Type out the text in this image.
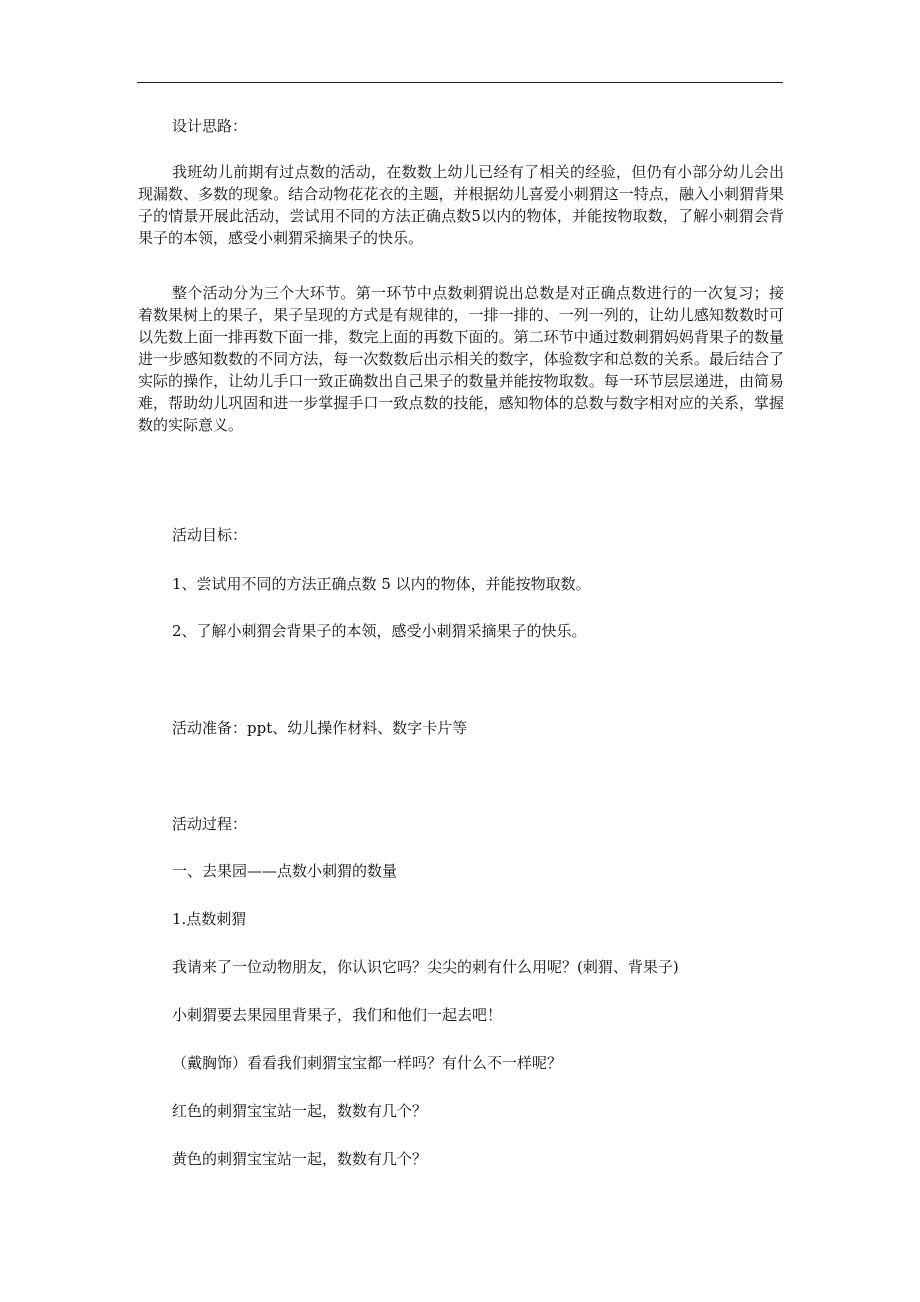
设计思路：

我班幼儿前期有过点数的活动，在数数上幼儿已经有了相关的经验，但仍有小部分幼儿会出现漏数、多数的现象。结合动物花花衣的主题，并根据幼儿喜爱小刺猬这一特点，融入小刺猬背果子的情景开展此活动，尝试用不同的方法正确点数5以内的物体，并能按物取数，了解小刺猬会背果子的本领，感受小刺猬采摘果子的快乐。

整个活动分为三个大环节。第一环节中点数刺猬说出总数是对正确点数进行的一次复习；接着数果树上的果子，果子呈现的方式是有规律的，一排一排的、一列一列的，让幼儿感知数数时可以先数上面一排再数下面一排，数完上面的再数下面的。第二环节中通过数刺猬妈妈背果子的数量进一步感知数数的不同方法，每一次数数后出示相关的数字，体验数字和总数的关系。最后结合了实际的操作，让幼儿手口一致正确数出自己果子的数量并能按物取数。每一环节层层递进，由简易难，帮助幼儿巩固和进一步掌握手口一致点数的技能，感知物体的总数与数字相对应的关系，掌握数的实际意义。

活动目标：
1、尝试用不同的方法正确点数 5 以内的物体，并能按物取数。
2、了解小刺猬会背果子的本领，感受小刺猬采摘果子的快乐。
活动准备：ppt、幼儿操作材料、数字卡片等
活动过程：
一、去果园——点数小刺猬的数量
1.点数刺猬
我请来了一位动物朋友，你认识它吗？尖尖的刺有什么用呢？(刺猬、背果子)
小刺猬要去果园里背果子，我们和他们一起去吧！
（戴胸饰）看看我们刺猬宝宝都一样吗？有什么不一样呢？
红色的刺猬宝宝站一起，数数有几个？
黄色的刺猬宝宝站一起，数数有几个？
